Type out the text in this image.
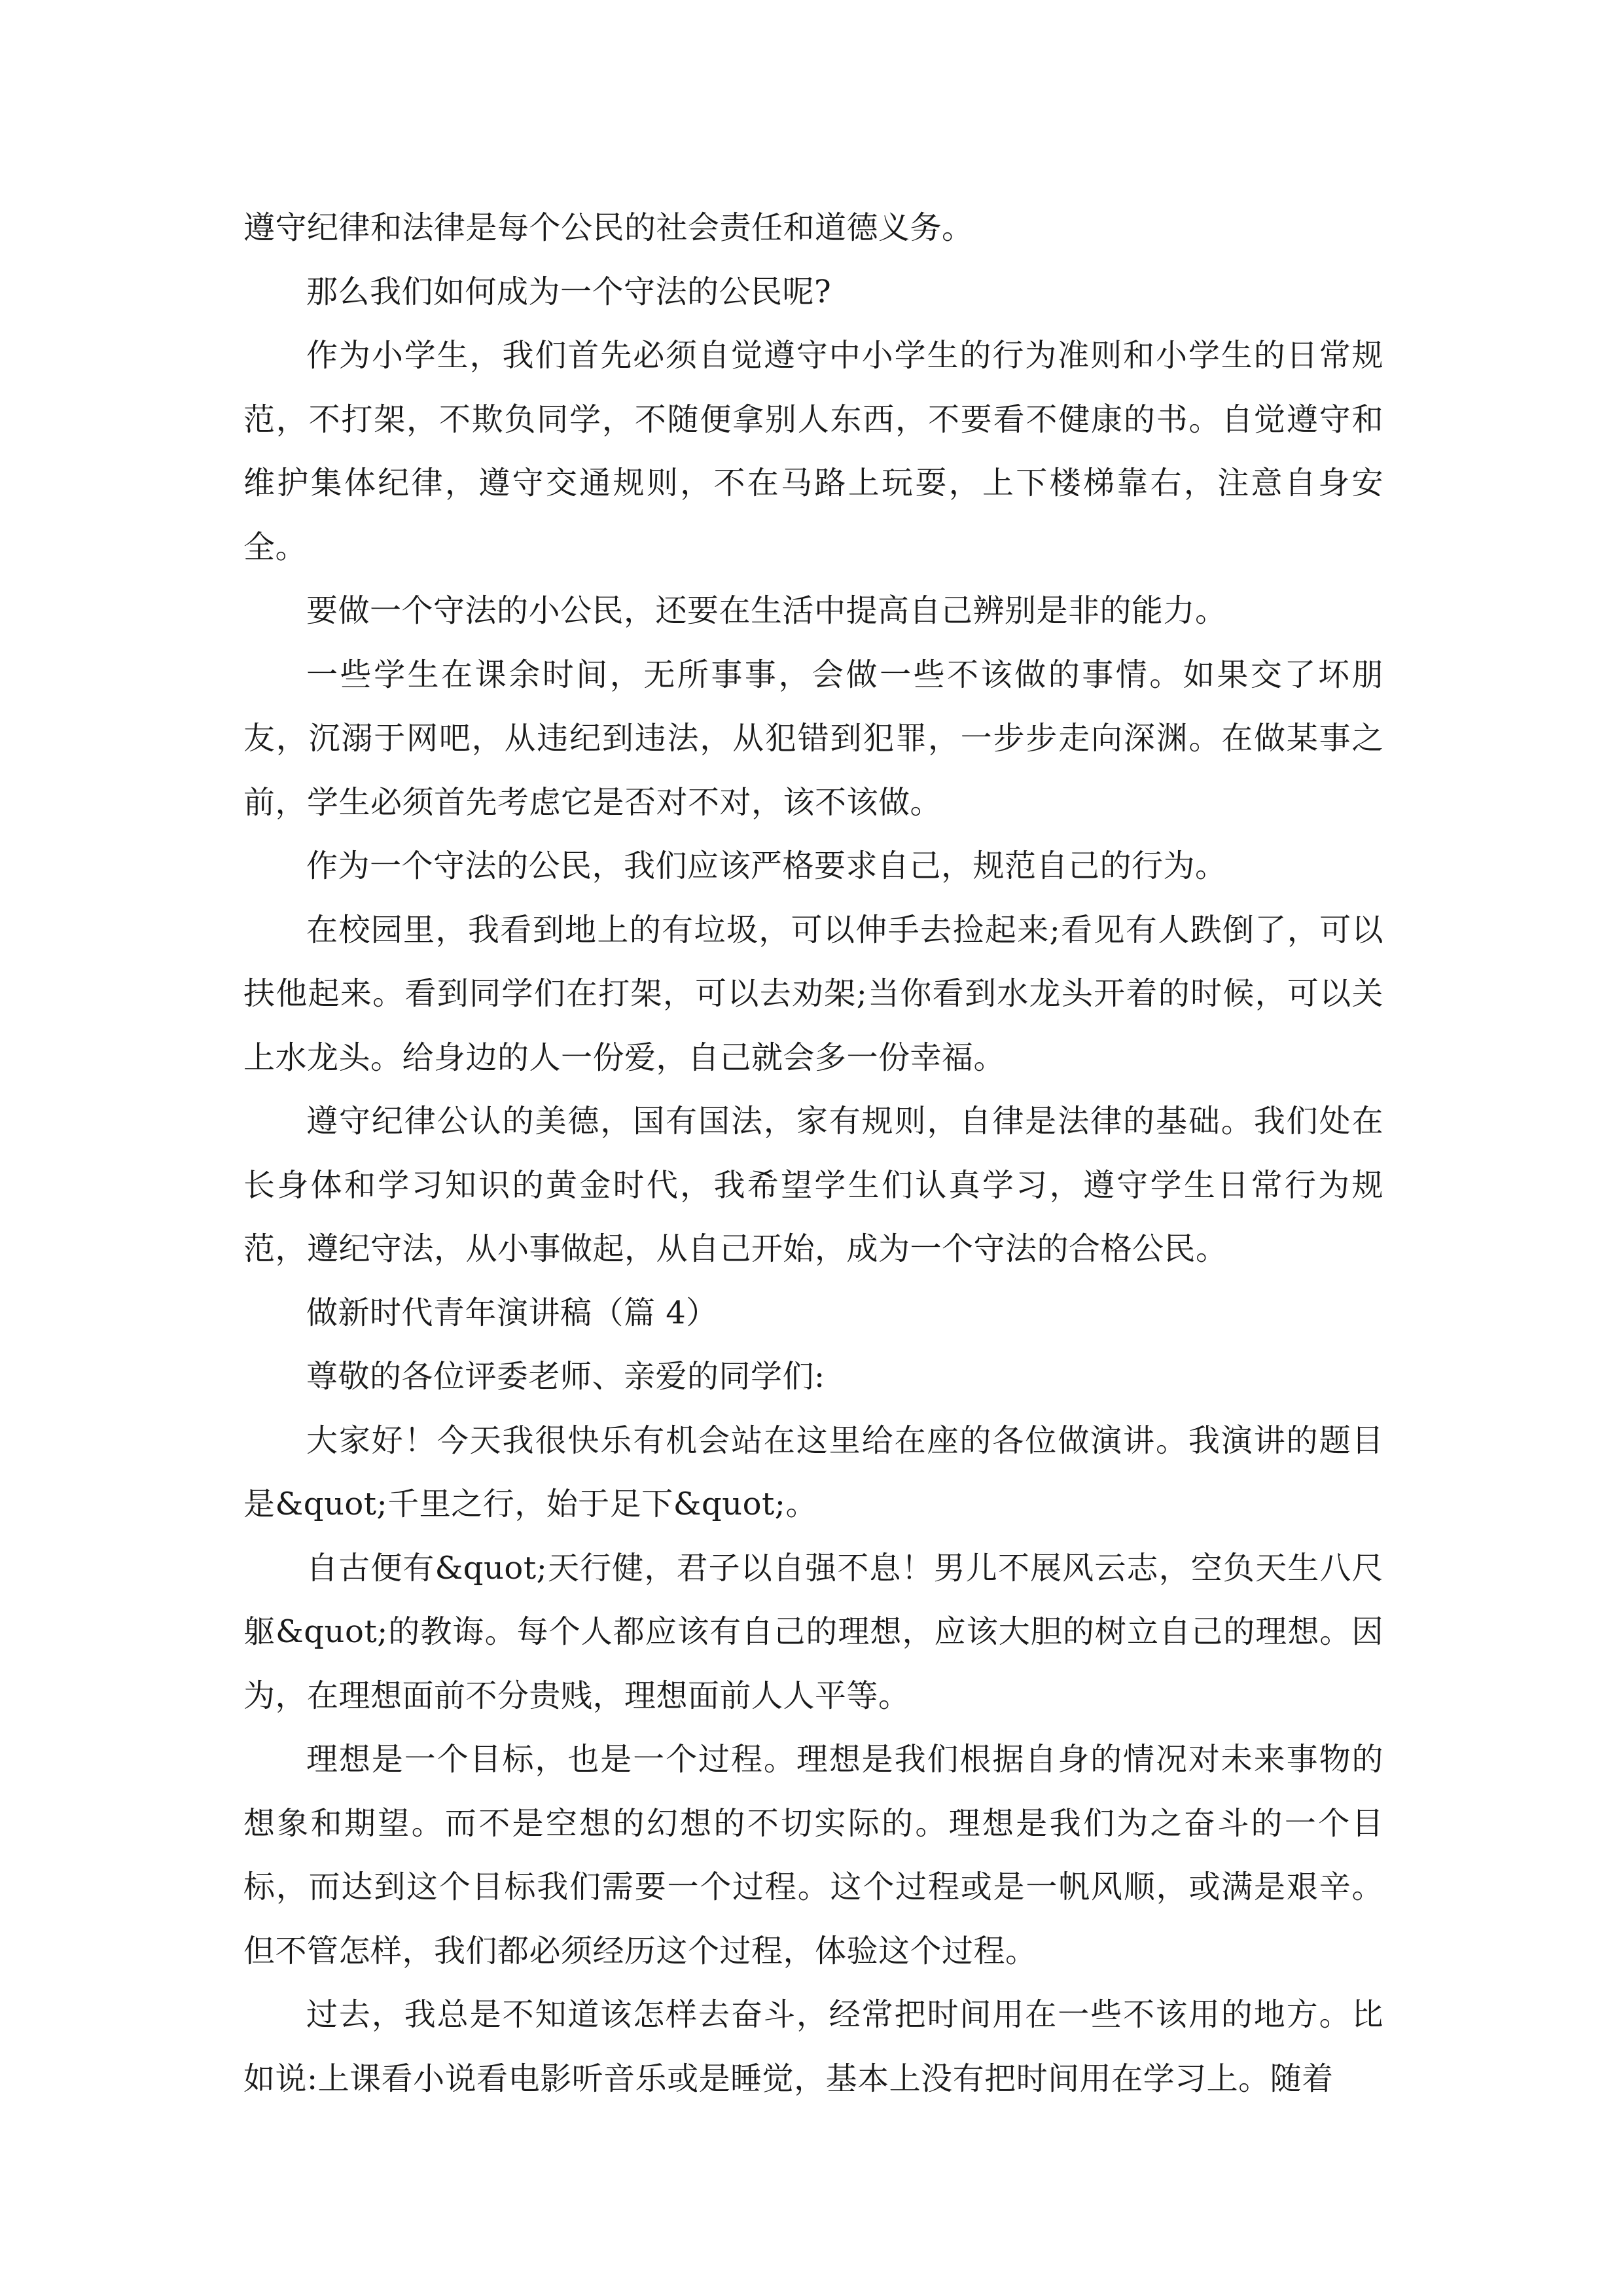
遵守纪律和法律是每个公民的社会责任和道德义务。

那么我们如何成为一个守法的公民呢?

作为小学生，我们首先必须自觉遵守中小学生的行为准则和小学生的日常规范，不打架，不欺负同学，不随便拿别人东西，不要看不健康的书。自觉遵守和维护集体纪律，遵守交通规则，不在马路上玩耍，上下楼梯靠右，注意自身安全。

要做一个守法的小公民，还要在生活中提高自己辨别是非的能力。

一些学生在课余时间，无所事事，会做一些不该做的事情。如果交了坏朋友，沉溺于网吧，从违纪到违法，从犯错到犯罪，一步步走向深渊。在做某事之前，学生必须首先考虑它是否对不对，该不该做。

作为一个守法的公民，我们应该严格要求自己，规范自己的行为。

在校园里，我看到地上的有垃圾，可以伸手去捡起来;看见有人跌倒了，可以扶他起来。看到同学们在打架，可以去劝架;当你看到水龙头开着的时候，可以关上水龙头。给身边的人一份爱，自己就会多一份幸福。

遵守纪律公认的美德，国有国法，家有规则，自律是法律的基础。我们处在长身体和学习知识的黄金时代，我希望学生们认真学习，遵守学生日常行为规范，遵纪守法，从小事做起，从自己开始，成为一个守法的合格公民。

做新时代青年演讲稿（篇 4）

尊敬的各位评委老师、亲爱的同学们:

大家好！今天我很快乐有机会站在这里给在座的各位做演讲。我演讲的题目是&quot;千里之行，始于足下&quot;。

自古便有&quot;天行健，君子以自强不息！男儿不展风云志，空负天生八尺躯&quot;的教诲。每个人都应该有自己的理想，应该大胆的树立自己的理想。因为，在理想面前不分贵贱，理想面前人人平等。

理想是一个目标，也是一个过程。理想是我们根据自身的情况对未来事物的想象和期望。而不是空想的幻想的不切实际的。理想是我们为之奋斗的一个目标，而达到这个目标我们需要一个过程。这个过程或是一帆风顺，或满是艰辛。但不管怎样，我们都必须经历这个过程，体验这个过程。

过去，我总是不知道该怎样去奋斗，经常把时间用在一些不该用的地方。比如说:上课看小说看电影听音乐或是睡觉，基本上没有把时间用在学习上。随着
